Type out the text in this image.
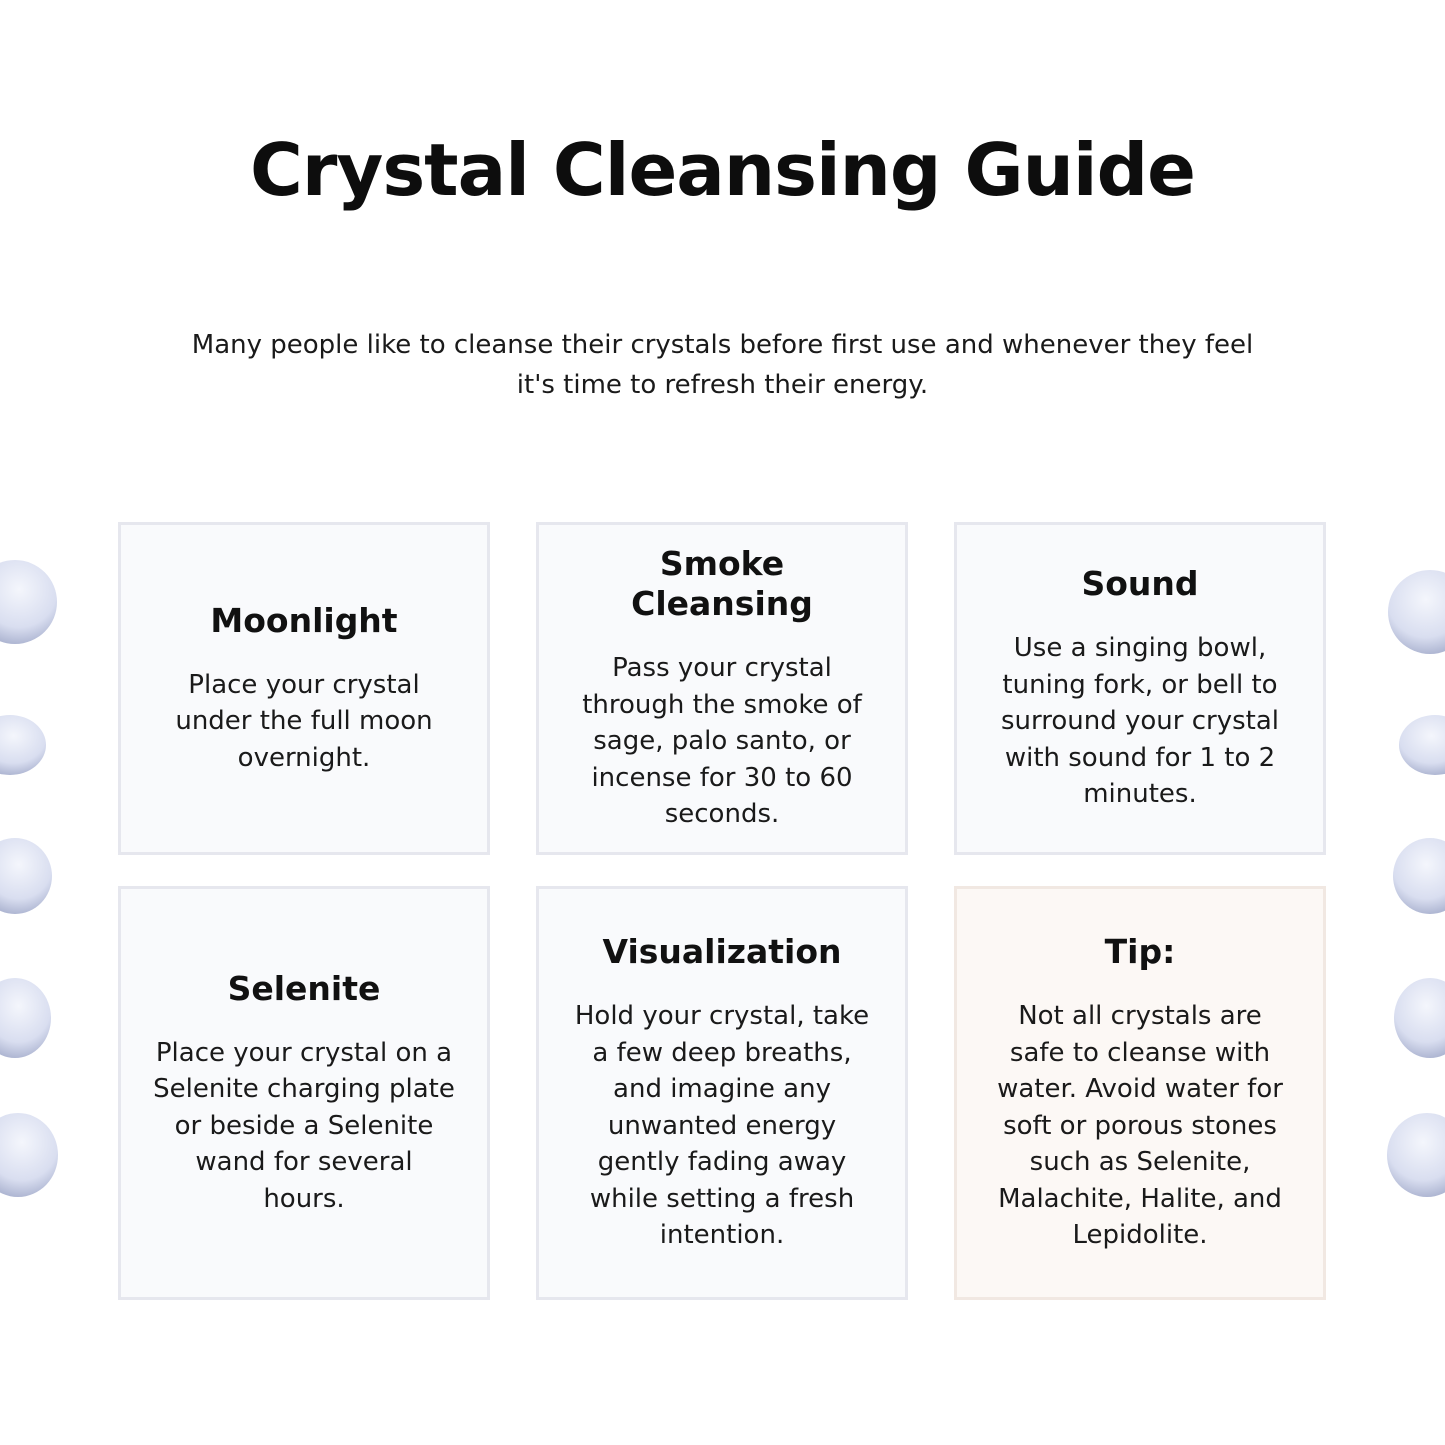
Crystal Cleansing Guide

Many people like to cleanse their crystals before first use and whenever they feel it's time to refresh their energy.

Moonlight

Place your crystal under the full moon overnight.

Smoke Cleansing

Pass your crystal through the smoke of sage, palo santo, or incense for 30 to 60 seconds.

Sound

Use a singing bowl, tuning fork, or bell to surround your crystal with sound for 1 to 2 minutes.

Selenite

Place your crystal on a Selenite charging plate or beside a Selenite wand for several hours.

Visualization

Hold your crystal, take a few deep breaths, and imagine any unwanted energy gently fading away while setting a fresh intention.

Tip:

Not all crystals are safe to cleanse with water. Avoid water for soft or porous stones such as Selenite, Malachite, Halite, and Lepidolite.
